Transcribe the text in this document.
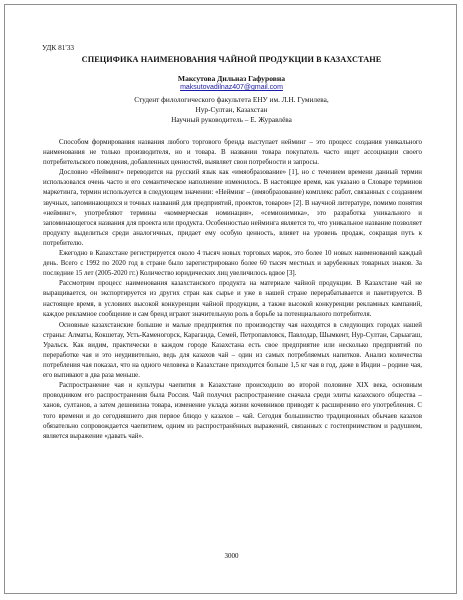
УДК 81'33
СПЕЦИФИКА НАИМЕНОВАНИЯ ЧАЙНОЙ ПРОДУКЦИИ В КАЗАХСТАНЕ
Максутова Дильназ Гафуровна
maksutovadilnaz407@gmail.com
Студент филологического факультета ЕНУ им. Л.Н. Гумилева,
Нур-Султан, Казахстан
Научный руководитель – Е. Журавлёва

Способом формирования названия любого торгового бренда выступает нейминг – это процесс создания уникального наименования не только производителя, но и товара. В названии товара покупатель часто ищет ассоциации своего потребительского поведения, добавленных ценностей, выявляет свои потребности и запросы.

Дословно «Нейминг» переводится на русский язык как «имяобразование» [1], но с течением времени данный термин использовался очень часто и его семантическое наполнение изменилось. В настоящее время, как указано в Словаре терминов маркетинга, термин используется в следующем значении: «Нейминг – (имяобразование) комплекс работ, связанных с созданием звучных, запоминающихся и точных названий для предприятий, проектов, товаров» [2]. В научной литературе, помимо понятия «нейминг», употребляют термины «коммерческая номинация», «семионимика», это разработка уникального и запоминающегося названия для проекта или продукта. Особенностью нейминга является то, что уникальное название позволяет продукту выделиться среди аналогичных, придает ему особую ценность, влияет на уровень продаж, сокращая путь к потребителю.

Ежегодно в Казахстане регистрируется около 4 тысяч новых торговых марок, это более 10 новых наименований каждый день. Всего с 1992 по 2020 год в стране было зарегистрировано более 60 тысяч местных и зарубежных товарных знаков. За последние 15 лет (2005-2020 гг.) Количество юридических лиц увеличилось вдвое [3].

Рассмотрим процесс наименования казахстанского продукта на материале чайной продукции. В Казахстане чай не выращивается, он экспортируется из других стран как сырье и уже в нашей стране перерабатывается и пакетируется. В настоящее время, в условиях высокой конкуренции чайной продукции, а также высокой конкуренции рекламных кампаний, каждое рекламное сообщение и сам бренд играют значительную роль в борьбе за потенциального потребителя.

Основные казахстанские большие и малые предприятия по производству чая находятся в следующих городах нашей страны: Алматы, Кокшетау, Усть-Каменогорск, Караганда, Семей, Петропавловск, Павлодар, Шымкент, Нур-Султан, Сарыагаш, Уральск. Как видим, практически в каждом городе Казахстана есть свое предприятие или несколько предприятий по переработке чая и это неудивительно, ведь для казахов чай – один из самых потребляемых напитков. Анализ количества потребления чая показал, что на одного человека в Казахстане приходится больше 1,5 кг чая в год, даже в Индии – родине чая, его выпивают в два раза меньше.

Распространение чая и культуры чаепития в Казахстане происходило во второй половине XIX века, основным проводником его распространения была Россия. Чай получил распространение сначала среди элиты казахского общества – ханов, султанов, а затем дешевизна товара, изменение уклада жизни кочевников приводят к расширению его употребления. С того времени и до сегодняшнего дня первое блюдо у казахов – чай. Сегодня большинство традиционных обычаев казахов обязательно сопровождается чаепитием, одним из распространённых выражений, связанных с гостеприимством и радушием, является выражение «давать чай».

3000
